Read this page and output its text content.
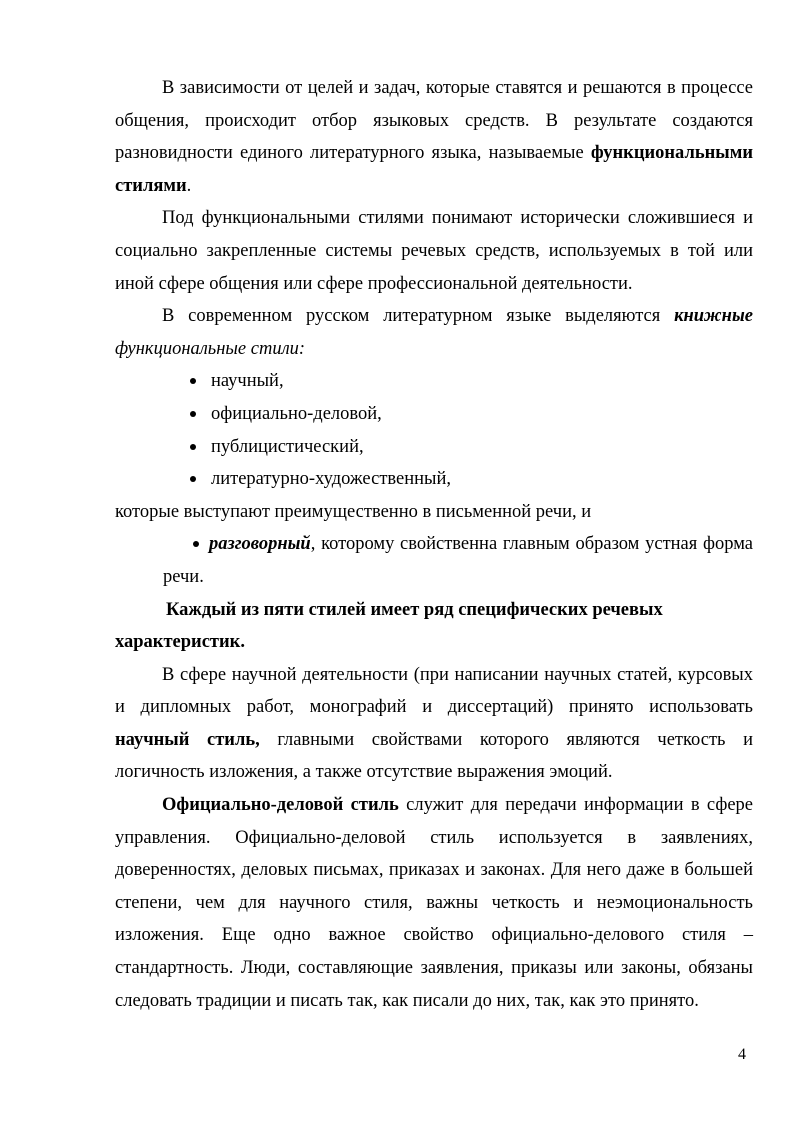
В зависимости от целей и задач, которые ставятся и решаются в процессе общения, происходит отбор языковых средств. В результате создаются разновидности единого литературного языка, называемые функциональными стилями.

Под функциональными стилями понимают исторически сложившиеся и социально закрепленные системы речевых средств, используемых в той или иной сфере общения или сфере профессиональной деятельности.

В современном русском литературном языке выделяются книжные функциональные стили:

научный,
официально-деловой,
публицистический,
литературно-художественный,

которые выступают преимущественно в письменной речи, и

разговорный, которому свойственна главным образом устная форма речи.

Каждый из пяти стилей имеет ряд специфических речевых

характеристик.

В сфере научной деятельности (при написании научных статей, курсовых и дипломных работ, монографий и диссертаций) принято использовать научный стиль, главными свойствами которого являются четкость и логичность изложения, а также отсутствие выражения эмоций.

Официально-деловой стиль служит для передачи информации в сфере управления. Официально-деловой стиль используется в заявлениях, доверенностях, деловых письмах, приказах и законах. Для него даже в большей степени, чем для научного стиля, важны четкость и неэмоциональность изложения. Еще одно важное свойство официально-делового стиля – стандартность. Люди, составляющие заявления, приказы или законы, обязаны следовать традиции и писать так, как писали до них, так, как это принято.

4
